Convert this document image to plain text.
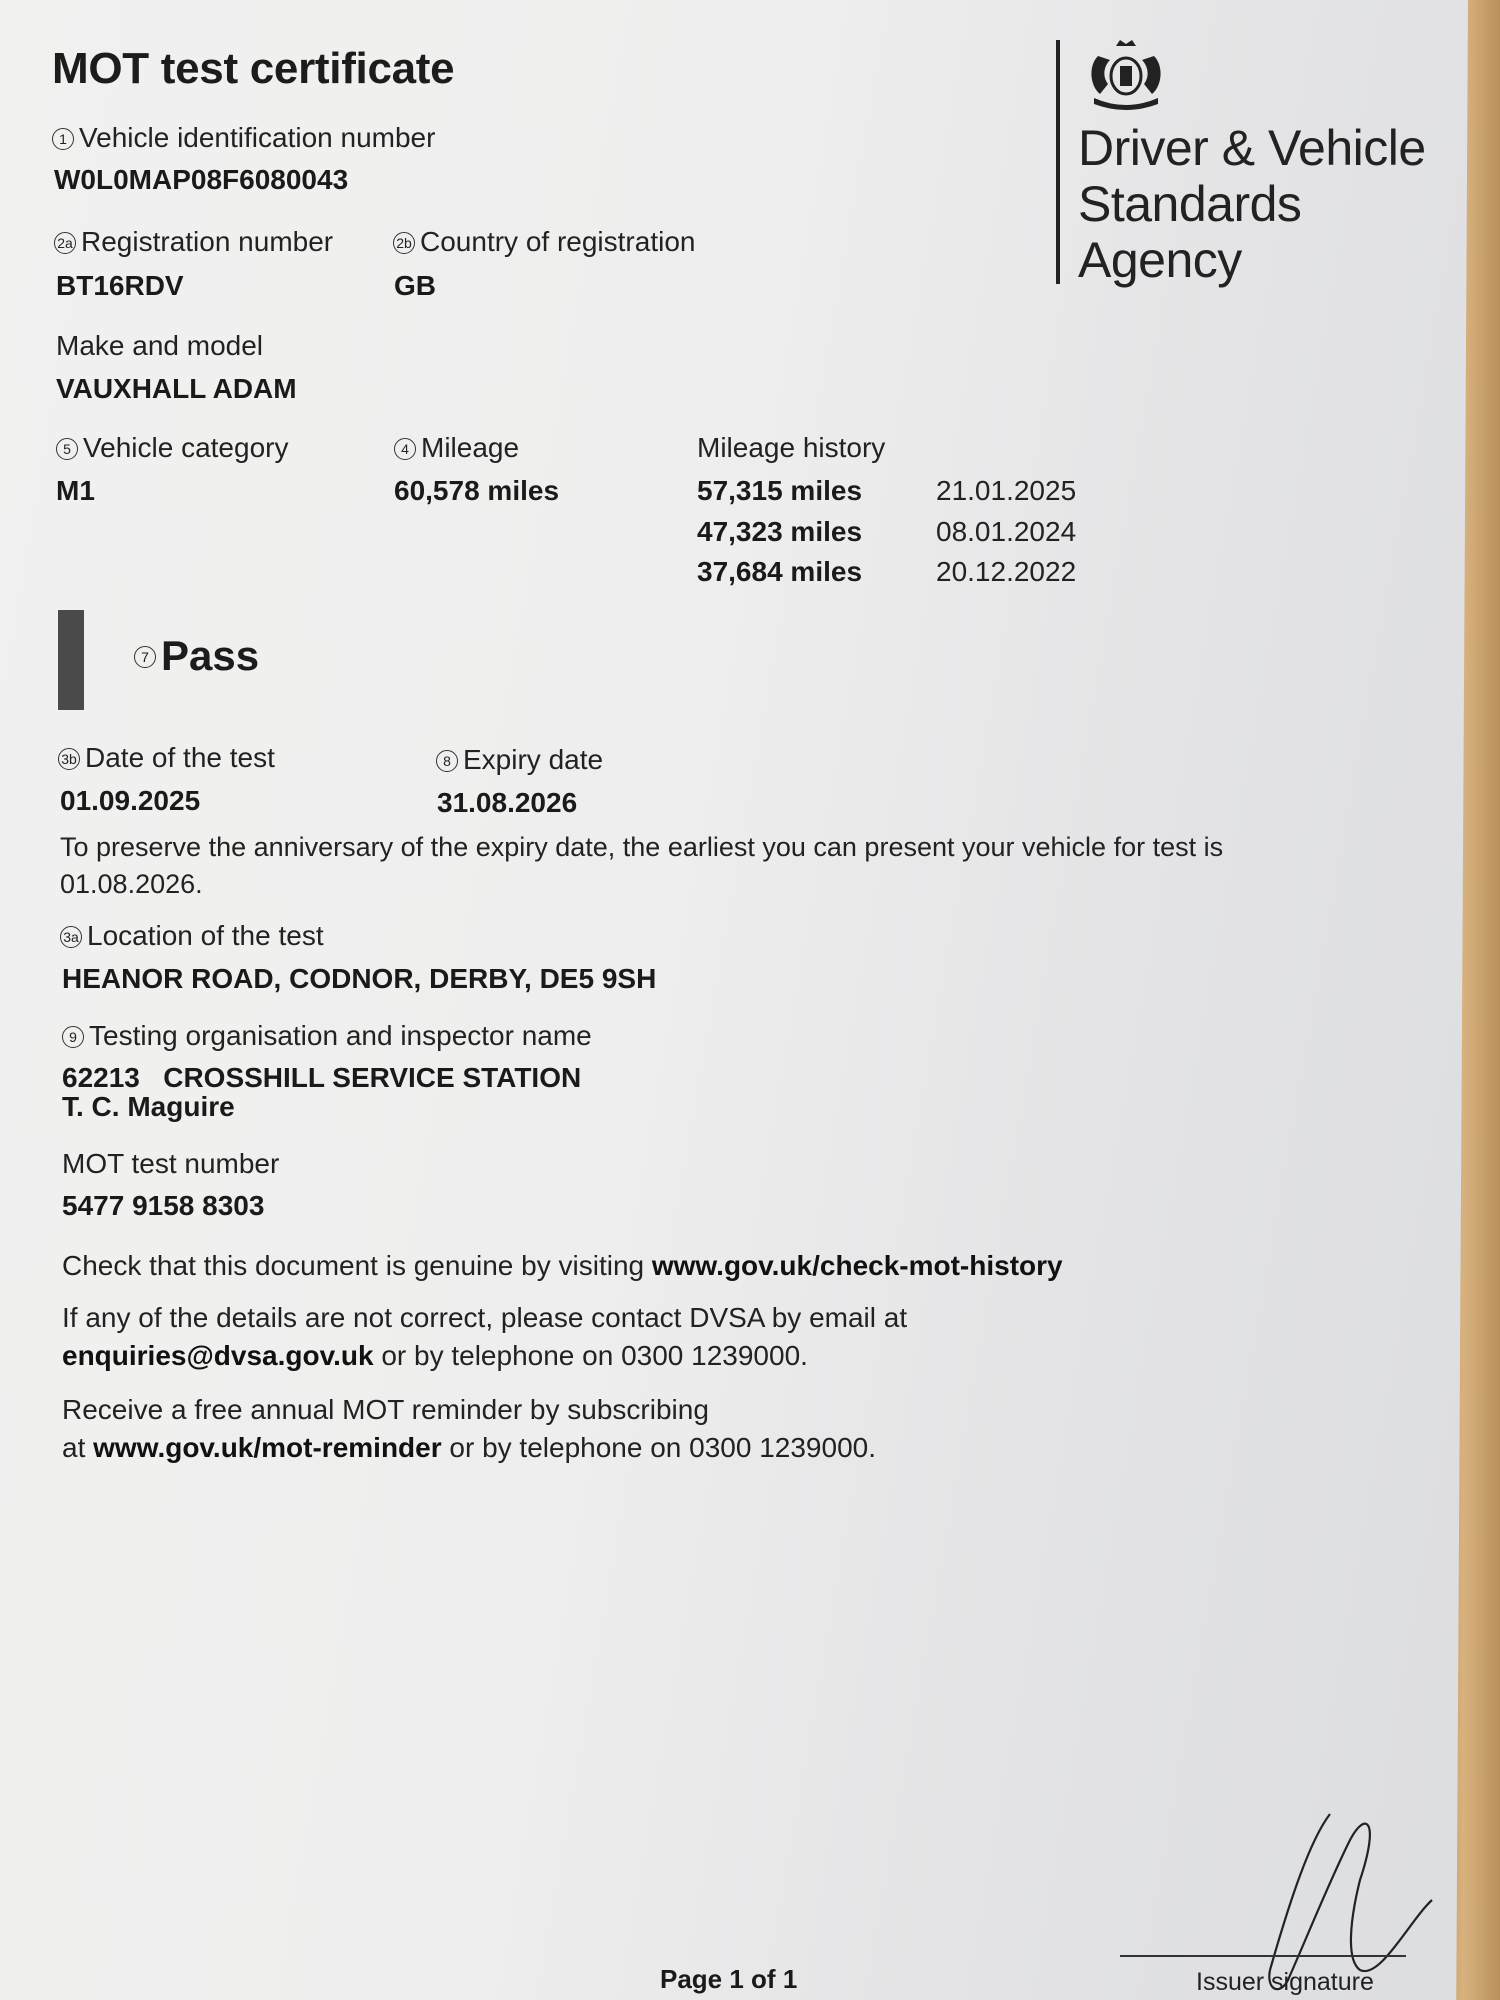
MOT test certificate
Driver & Vehicle
Standards
Agency
1 Vehicle identification number
W0L0MAP08F6080043
2a Registration number
BT16RDV
2b Country of registration
GB
Make and model
VAUXHALL ADAM
5 Vehicle category
M1
4 Mileage
60,578 miles
Mileage history
57,315 miles	21.01.2025
47,323 miles	08.01.2024
37,684 miles	20.12.2022
7 Pass
3b Date of the test
01.09.2025
8 Expiry date
31.08.2026
To preserve the anniversary of the expiry date, the earliest you can present your vehicle for test is
01.08.2026.
3a Location of the test
HEANOR ROAD, CODNOR, DERBY, DE5 9SH
9 Testing organisation and inspector name
62213 CROSSHILL SERVICE STATION
T. C. Maguire
MOT test number
5477 9158 8303
Check that this document is genuine by visiting www.gov.uk/check-mot-history
If any of the details are not correct, please contact DVSA by email at
enquiries@dvsa.gov.uk or by telephone on 0300 1239000.
Receive a free annual MOT reminder by subscribing
at www.gov.uk/mot-reminder or by telephone on 0300 1239000.
Page 1 of 1	Issuer signature
